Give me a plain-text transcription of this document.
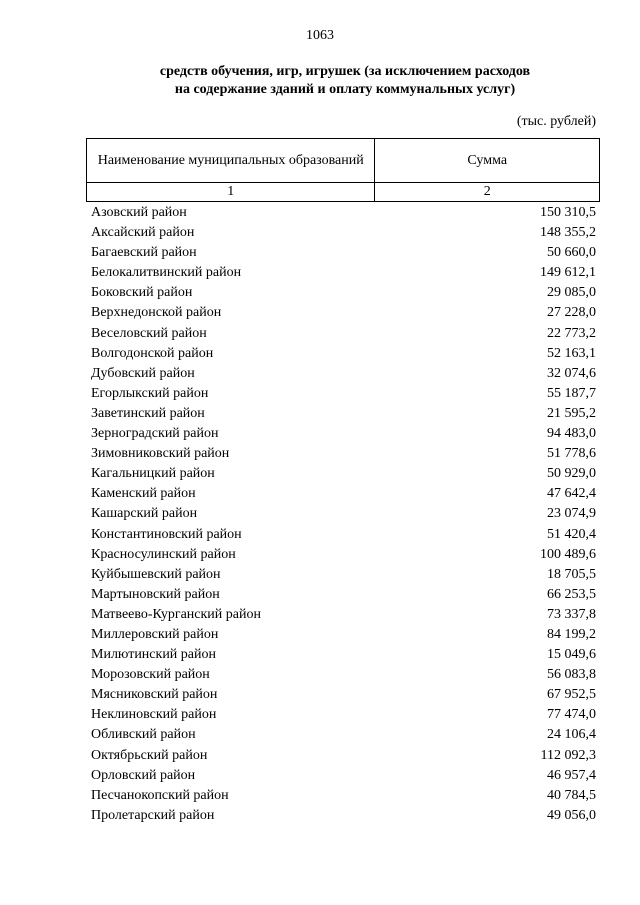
1063
средств обучения, игр, игрушек (за исключением расходов
на содержание зданий и оплату коммунальных услуг)
(тыс. рублей)
Наименование муниципальных образований	Сумма
1	2
Азовский район	150 310,5
Аксайский район	148 355,2
Багаевский район	50 660,0
Белокалитвинский район	149 612,1
Боковский район	29 085,0
Верхнедонской район	27 228,0
Веселовский район	22 773,2
Волгодонской район	52 163,1
Дубовский район	32 074,6
Егорлыкский район	55 187,7
Заветинский район	21 595,2
Зерноградский район	94 483,0
Зимовниковский район	51 778,6
Кагальницкий район	50 929,0
Каменский район	47 642,4
Кашарский район	23 074,9
Константиновский район	51 420,4
Красносулинский район	100 489,6
Куйбышевский район	18 705,5
Мартыновский район	66 253,5
Матвеево-Курганский район	73 337,8
Миллеровский район	84 199,2
Милютинский район	15 049,6
Морозовский район	56 083,8
Мясниковский район	67 952,5
Неклиновский район	77 474,0
Обливский район	24 106,4
Октябрьский район	112 092,3
Орловский район	46 957,4
Песчанокопский район	40 784,5
Пролетарский район	49 056,0
